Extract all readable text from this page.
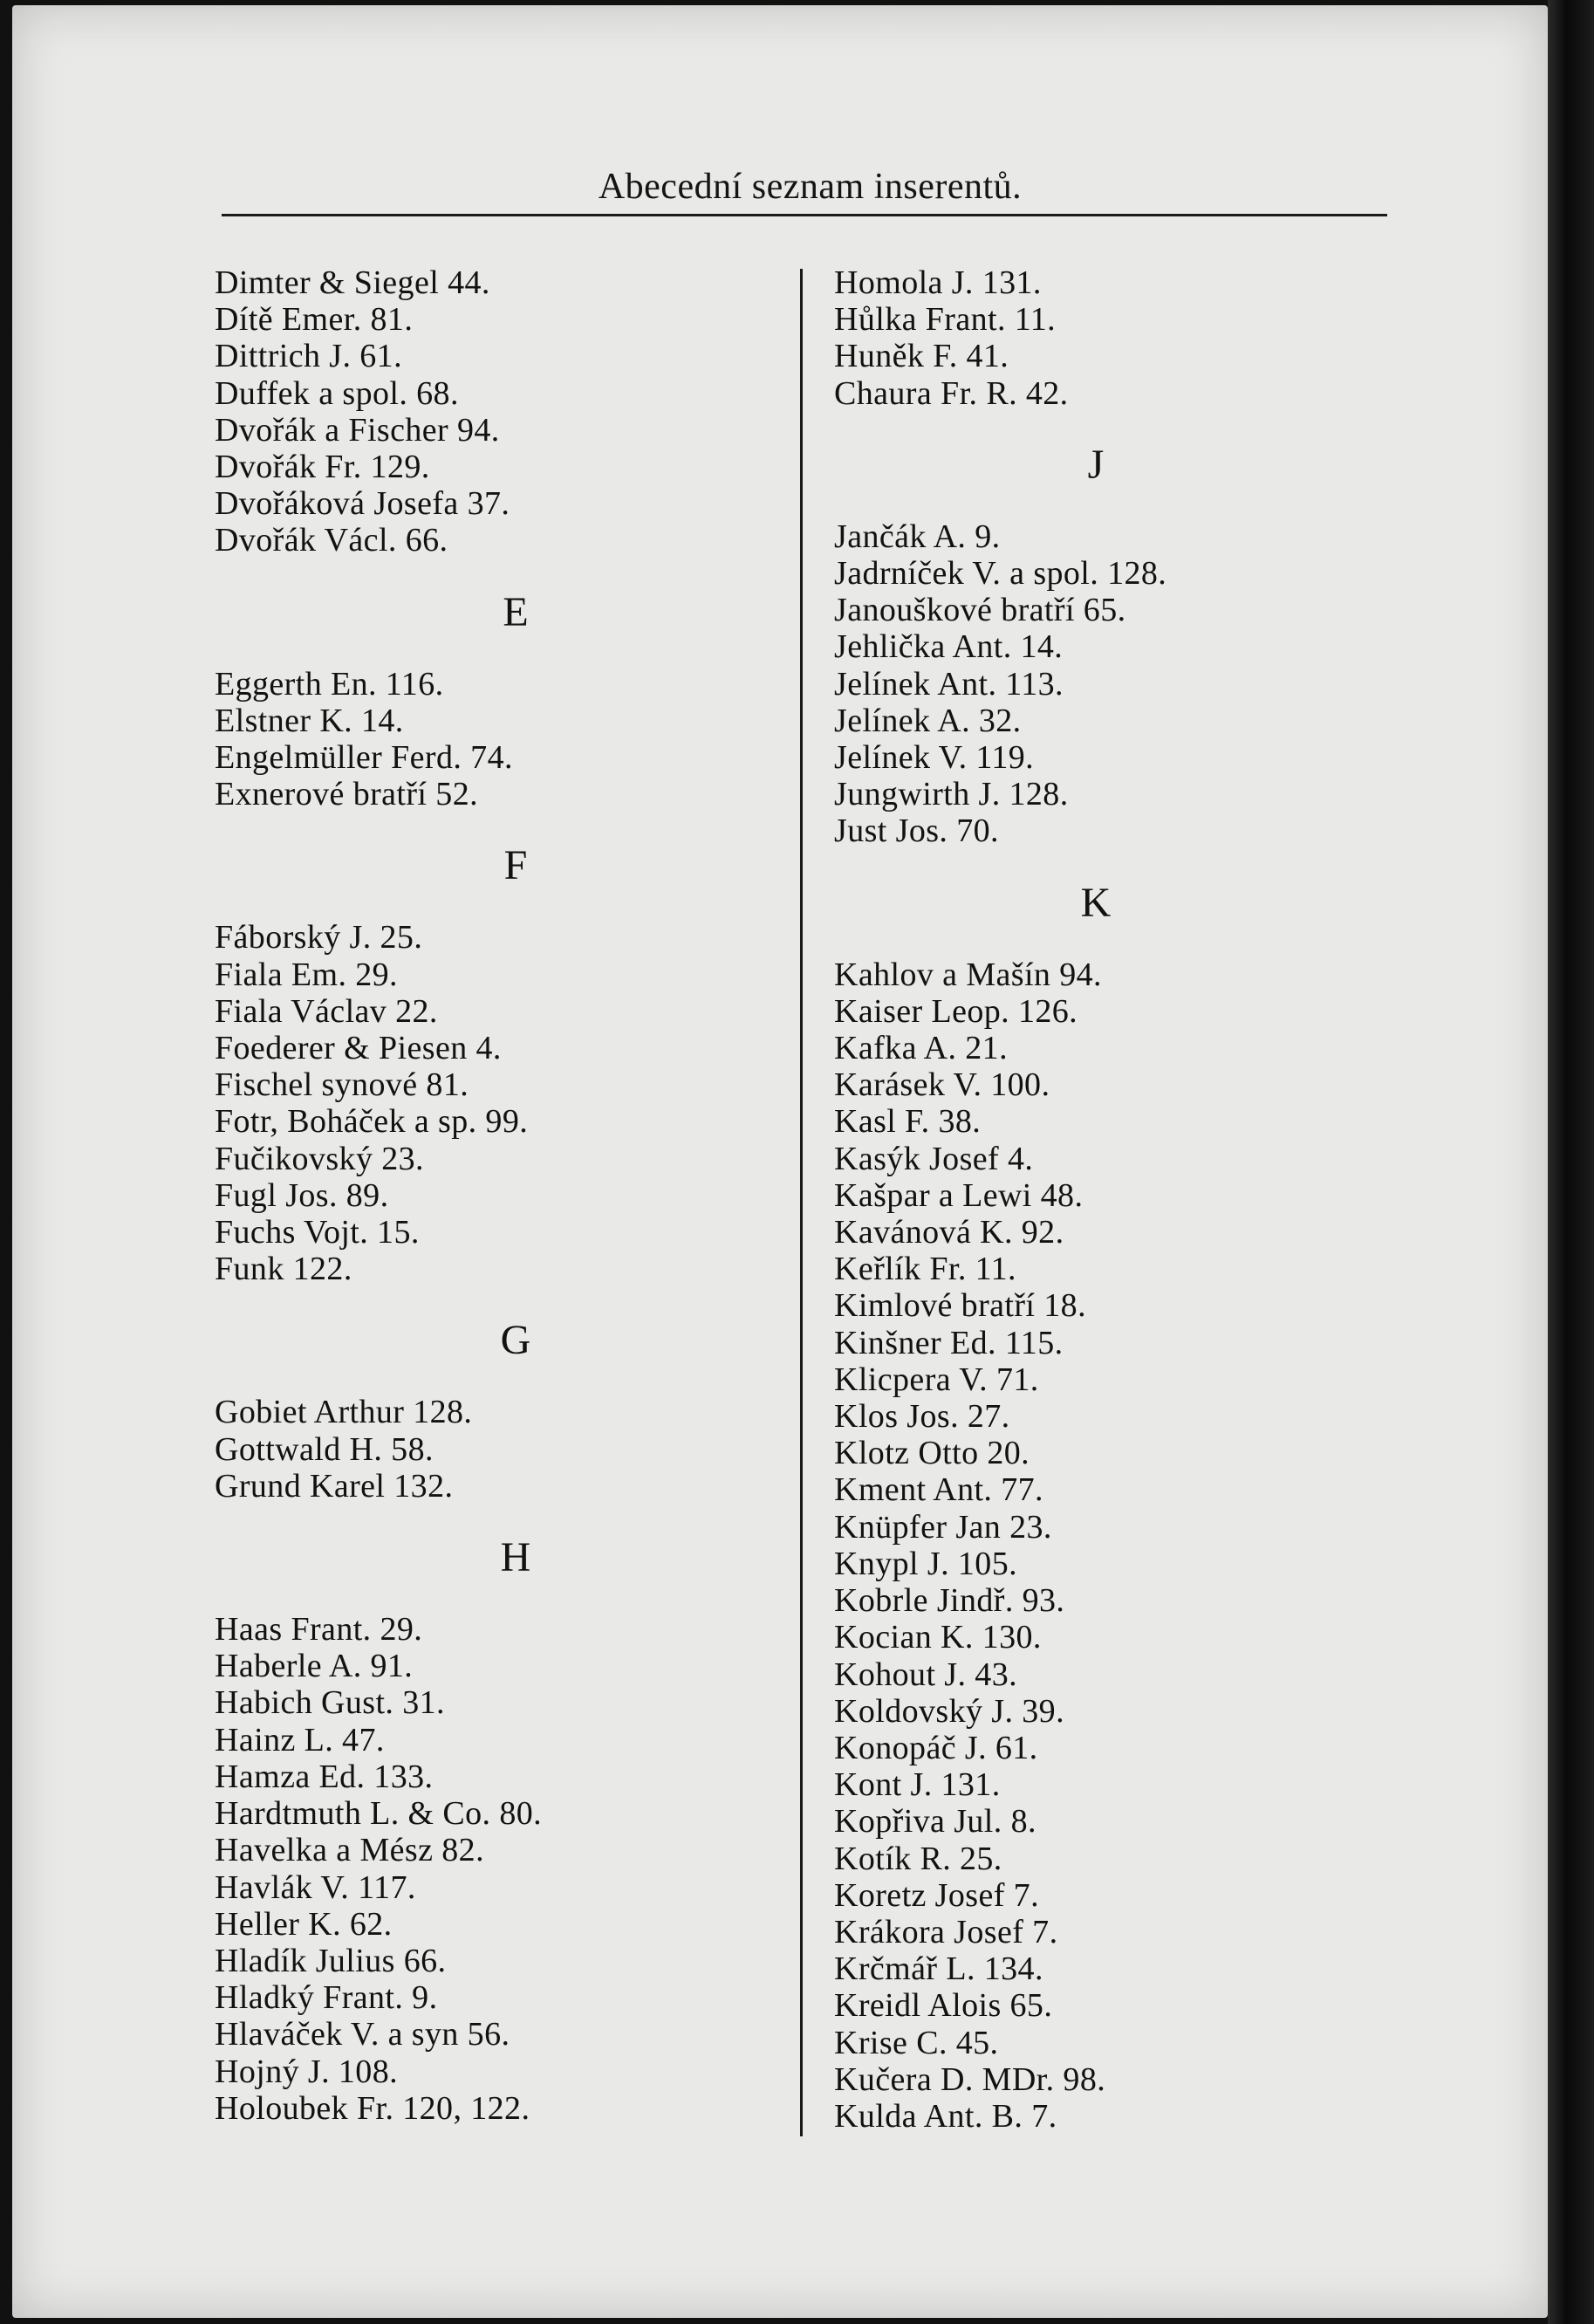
Abecední seznam inserentů.
Dimter & Siegel 44.
Dítě Emer. 81.
Dittrich J. 61.
Duffek a spol. 68.
Dvořák a Fischer 94.
Dvořák Fr. 129.
Dvořáková Josefa 37.
Dvořák Václ. 66.
E
Eggerth En. 116.
Elstner K. 14.
Engelmüller Ferd. 74.
Exnerové bratří 52.
F
Fáborský J. 25.
Fiala Em. 29.
Fiala Václav 22.
Foederer & Piesen 4.
Fischel synové 81.
Fotr, Boháček a sp. 99.
Fučikovský 23.
Fugl Jos. 89.
Fuchs Vojt. 15.
Funk 122.
G
Gobiet Arthur 128.
Gottwald H. 58.
Grund Karel 132.
H
Haas Frant. 29.
Haberle A. 91.
Habich Gust. 31.
Hainz L. 47.
Hamza Ed. 133.
Hardtmuth L. & Co. 80.
Havelka a Mész 82.
Havlák V. 117.
Heller K. 62.
Hladík Julius 66.
Hladký Frant. 9.
Hlaváček V. a syn 56.
Hojný J. 108.
Holoubek Fr. 120, 122.
Homola J. 131.
Hůlka Frant. 11.
Huněk F. 41.
Chaura Fr. R. 42.
J
Jančák A. 9.
Jadrníček V. a spol. 128.
Janouškové bratří 65.
Jehlička Ant. 14.
Jelínek Ant. 113.
Jelínek A. 32.
Jelínek V. 119.
Jungwirth J. 128.
Just Jos. 70.
K
Kahlov a Mašín 94.
Kaiser Leop. 126.
Kafka A. 21.
Karásek V. 100.
Kasl F. 38.
Kasýk Josef 4.
Kašpar a Lewi 48.
Kavánová K. 92.
Keřlík Fr. 11.
Kimlové bratří 18.
Kinšner Ed. 115.
Klicpera V. 71.
Klos Jos. 27.
Klotz Otto 20.
Kment Ant. 77.
Knüpfer Jan 23.
Knypl J. 105.
Kobrle Jindř. 93.
Kocian K. 130.
Kohout J. 43.
Koldovský J. 39.
Konopáč J. 61.
Kont J. 131.
Kopřiva Jul. 8.
Kotík R. 25.
Koretz Josef 7.
Krákora Josef 7.
Krčmář L. 134.
Kreidl Alois 65.
Krise C. 45.
Kučera D. MDr. 98.
Kulda Ant. B. 7.
